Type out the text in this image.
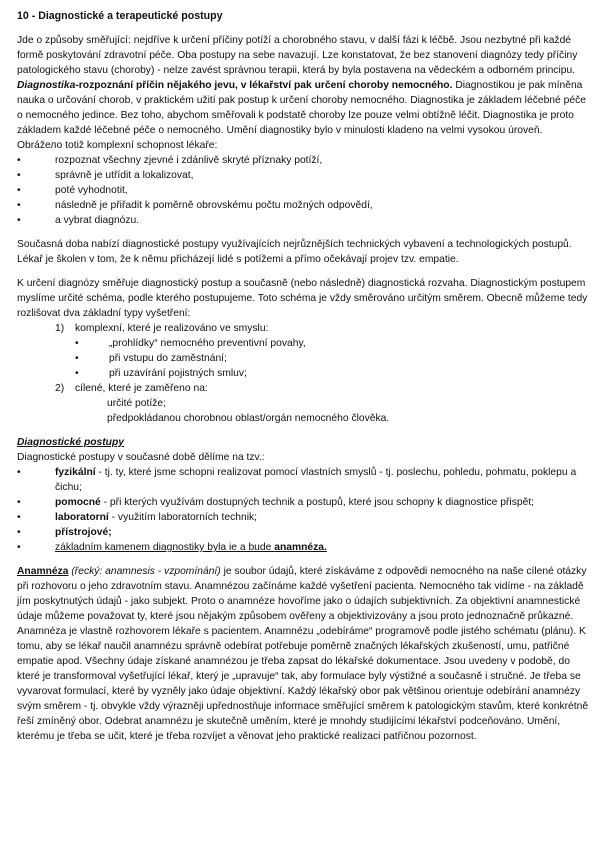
10 - Diagnostické a terapeutické postupy

Jde o způsoby směřující: nejdříve k určení příčiny potíží a chorobného stavu, v další fázi k léčbě. Jsou nezbytné při každé formě poskytování zdravotní péče. Oba postupy na sebe navazují. Lze konstatovat, že bez stanovení diagnózy tedy příčiny patologického stavu (choroby) - nelze zavést správnou terapii, která by byla postavena na vědeckém a odborném principu.

Diagnostika-rozpoznání příčin nějakého jevu, v lékařství pak určení choroby nemocného. Diagnostikou je pak míněna nauka o určování chorob, v praktickém užití pak postup k určení choroby nemocného. Diagnostika je základem léčebné péče o nemocného jedince. Bez toho, abychom směřovali k podstatě choroby lze pouze velmi obtížně léčit. Diagnostika je proto základem každé léčebné péče o nemocného. Umění diagnostiky bylo v minulosti kladeno na velmi vysokou úroveň. Obrážело totiž komplexní schopnost lékaře:

•	rozpoznat všechny zjevné i zdánlivě skryté příznaky potíží,
•	správně je utřídit a lokalizovat,
•	poté vyhodnotit,
•	následně je přiřadit k poměrně obrovskému počtu možných odpovědí,
•	a vybrat diagnózu.

Současná doba nabízí diagnostické postupy využívajících nejrůznějších technických vybavení a technologických postupů. Lékař je školen v tom, že k němu přicházejí lidé s potížemi a přímo očekávají projev tzv. empatie.

K určení diagnózy směřuje diagnostický postup a současně (nebo následně) diagnostická rozvaha. Diagnostickým postupem myslíme určité schéma, podle kterého postupujeme. Toto schéma je vždy směrováno určitým směrem. Obecně můžeme tedy rozlišovat dva základní typy vyšetření:

1)	komplexní, které je realizováno ve smyslu:
•	„prohlídky“ nemocného preventivní povahy,
•	při vstupu do zaměstnání;
•	při uzavírání pojistných smluv;
2)	cílené, které je zaměřeno na:
určité potíže;
předpokládanou chorobnou oblast/orgán nemocného člověka.
Diagnostické postupy

Diagnostické postupy v současné době dělíme na tzv.:

•	fyzikální - tj. ty, které jsme schopni realizovat pomocí vlastních smyslů - tj. poslechu, pohledu, pohmatu, poklepu a čichu;
•	pomocné - při kterých využívám dostupných technik a postupů, které jsou schopny k diagnostice přispět;
•	laboratorní - využitím laboratorních technik;
•	přístrojové;
•	základním kamenem diagnostiky byla ie a bude anamnéza.

Anamnéza (řecký: anamnesis - vzpomínání) je soubor údajů, které získáváme z odpovědi nemocného na naše cílené otázky při rozhovoru o jeho zdravotním stavu. Anamnézou začínáme každé vyšetření pacienta. Nemocného tak vidíme - na základě jím poskytnutých údajů - jako subjekt. Proto o anamnéze hovoříme jako o údajích subjektivních. Za objektivní anamnestické údaje můžeme považovat ty, které jsou nějakým způsobem ověřeny a objektivizovány a jsou proto jednoznačně průkazné. Anamnéza je vlastně rozhovorem lékaře s pacientem. Anamnézu „odebíráme“ programově podle jistého schématu (plánu). K tomu, aby se lékař naučil anamnézu správně odebírat potřebuje poměrně značných lékařských zkušeností, umu, patřičné empatie apod. Všechny údaje získané anamnézou je třeba zapsat do lékařské dokumentace. Jsou uvedeny v podobě, do které je transformoval vyšetřující lékař, který je „upravuje“ tak, aby formulace byly výstižné a současně i stručné. Je třeba se vyvarovat formulací, které by vyzněly jako údaje objektivní. Každý lékařský obor pak většinou orientuje odebírání anamnézy svým směrem - tj. obvykle vždy výrazněji upřednostňuje informace směřující směrem k patologickým stavům, které konkrétně řeší zmíněný obor. Odebrat anamnézu je skutečně uměním, které je mnohdy studijícími lékařství podceňováno. Umění, kterému je třeba se učit, které je třeba rozvíjet a věnovat jeho praktické realizaci patřičnou pozornost.
